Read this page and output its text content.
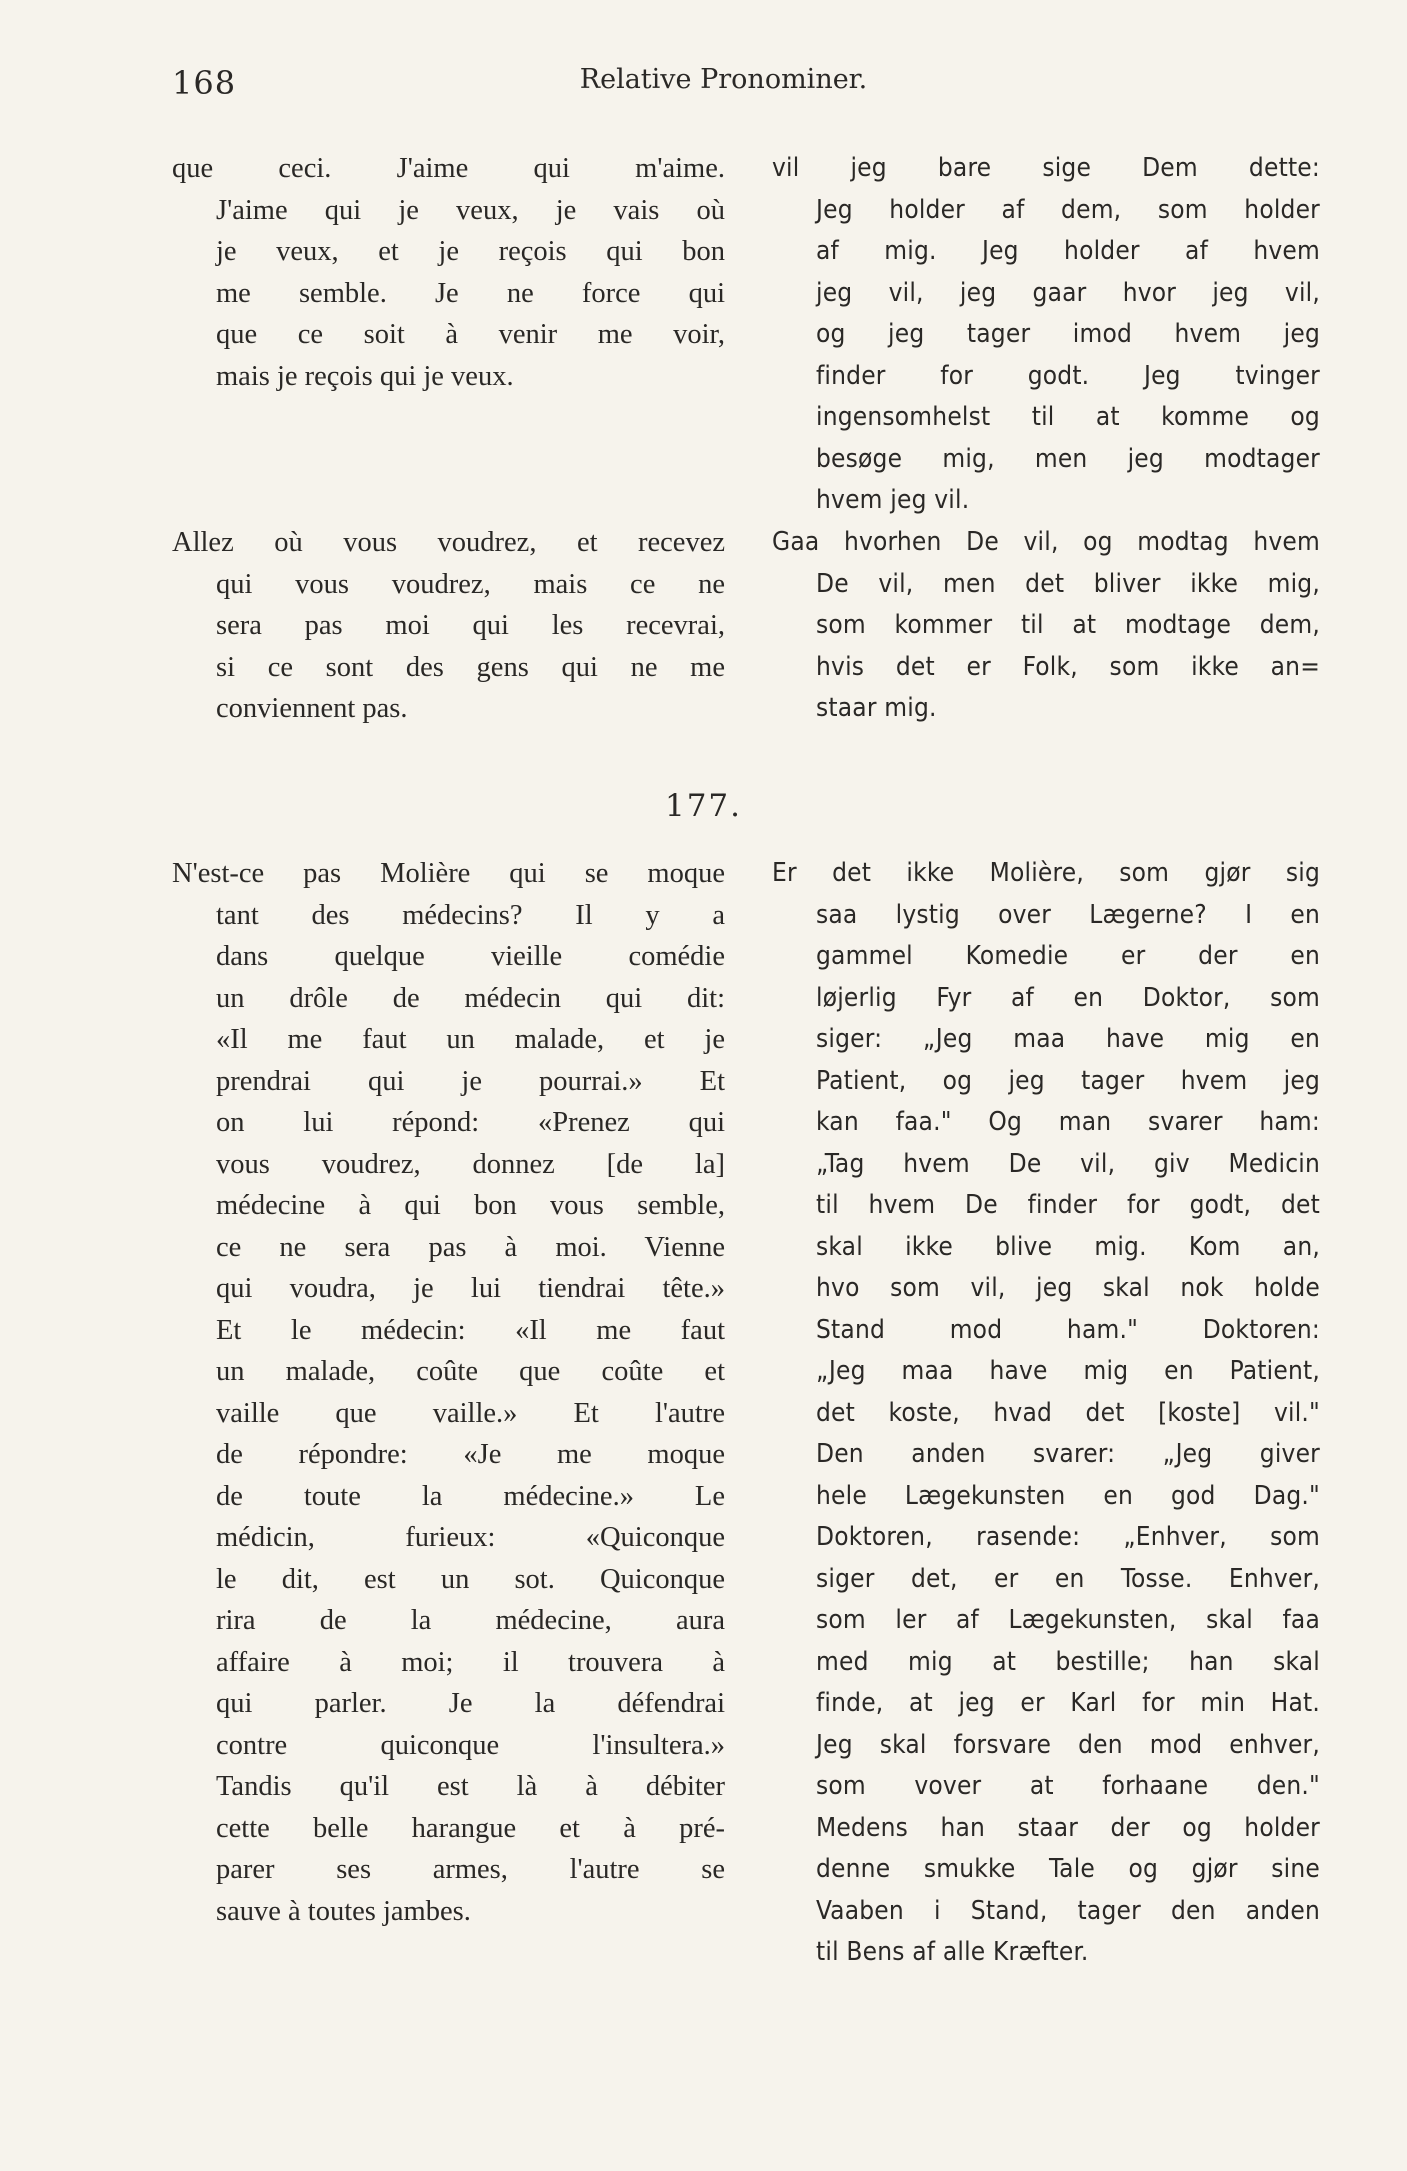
168	Relative Pronominer.
que ceci. J'aime qui m'aime.
J'aime qui je veux, je vais où
je veux, et je reçois qui bon
me semble. Je ne force qui
que ce soit à venir me voir,
mais je reçois qui je veux.
vil jeg bare sige Dem dette:
Jeg holder af dem, som holder
af mig. Jeg holder af hvem
jeg vil, jeg gaar hvor jeg vil,
og jeg tager imod hvem jeg
finder for godt. Jeg tvinger
ingensomhelst til at komme og
besøge mig, men jeg modtager
hvem jeg vil.
Allez où vous voudrez, et recevez
qui vous voudrez, mais ce ne
sera pas moi qui les recevrai,
si ce sont des gens qui ne me
conviennent pas.
Gaa hvorhen De vil, og modtag hvem
De vil, men det bliver ikke mig,
som kommer til at modtage dem,
hvis det er Folk, som ikke an=
staar mig.
177.
N'est-ce pas Molière qui se moque
tant des médecins? Il y a
dans quelque vieille comédie
un drôle de médecin qui dit:
«Il me faut un malade, et je
prendrai qui je pourrai.» Et
on lui répond: «Prenez qui
vous voudrez, donnez [de la]
médecine à qui bon vous semble,
ce ne sera pas à moi. Vienne
qui voudra, je lui tiendrai tête.»
Et le médecin: «Il me faut
un malade, coûte que coûte et
vaille que vaille.» Et l'autre
de répondre: «Je me moque
de toute la médecine.» Le
médicin, furieux: «Quiconque
le dit, est un sot. Quiconque
rira de la médecine, aura
affaire à moi; il trouvera à
qui parler. Je la défendrai
contre quiconque l'insultera.»
Tandis qu'il est là à débiter
cette belle harangue et à pré-
parer ses armes, l'autre se
sauve à toutes jambes.
Er det ikke Molière, som gjør sig
saa lystig over Lægerne? I en
gammel Komedie er der en
løjerlig Fyr af en Doktor, som
siger: „Jeg maa have mig en
Patient, og jeg tager hvem jeg
kan faa." Og man svarer ham:
„Tag hvem De vil, giv Medicin
til hvem De finder for godt, det
skal ikke blive mig. Kom an,
hvo som vil, jeg skal nok holde
Stand mod ham." Doktoren:
„Jeg maa have mig en Patient,
det koste, hvad det [koste] vil."
Den anden svarer: „Jeg giver
hele Lægekunsten en god Dag."
Doktoren, rasende: „Enhver, som
siger det, er en Tosse. Enhver,
som ler af Lægekunsten, skal faa
med mig at bestille; han skal
finde, at jeg er Karl for min Hat.
Jeg skal forsvare den mod enhver,
som vover at forhaane den."
Medens han staar der og holder
denne smukke Tale og gjør sine
Vaaben i Stand, tager den anden
til Bens af alle Kræfter.
